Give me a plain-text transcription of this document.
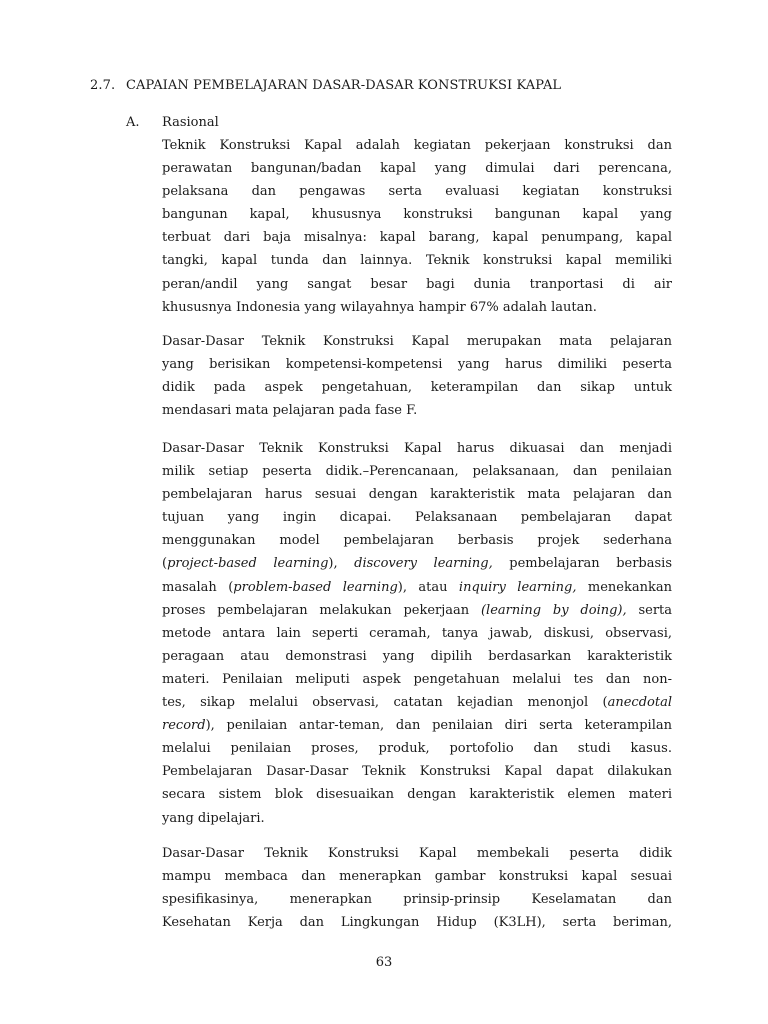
2.7. CAPAIAN PEMBELAJARAN DASAR-DASAR KONSTRUKSI KAPAL
A. Rasional
Teknik Konstruksi Kapal adalah kegiatan pekerjaan konstruksi dan
perawatan bangunan/badan kapal yang dimulai dari perencana,
pelaksana dan pengawas serta evaluasi kegiatan konstruksi
bangunan kapal, khususnya konstruksi bangunan kapal yang
terbuat dari baja misalnya: kapal barang, kapal penumpang, kapal
tangki, kapal tunda dan lainnya. Teknik konstruksi kapal memiliki
peran/andil yang sangat besar bagi dunia tranportasi di air
khususnya Indonesia yang wilayahnya hampir 67% adalah lautan.
Dasar-Dasar Teknik Konstruksi Kapal merupakan mata pelajaran
yang berisikan kompetensi-kompetensi yang harus dimiliki peserta
didik pada aspek pengetahuan, keterampilan dan sikap untuk
mendasari mata pelajaran pada fase F.
Dasar-Dasar Teknik Konstruksi Kapal harus dikuasai dan menjadi
milik setiap peserta didik.–Perencanaan, pelaksanaan, dan penilaian
pembelajaran harus sesuai dengan karakteristik mata pelajaran dan
tujuan yang ingin dicapai. Pelaksanaan pembelajaran dapat
menggunakan model pembelajaran berbasis projek sederhana
(project-based learning), discovery learning, pembelajaran berbasis
masalah (problem-based learning), atau inquiry learning, menekankan
proses pembelajaran melakukan pekerjaan (learning by doing), serta
metode antara lain seperti ceramah, tanya jawab, diskusi, observasi,
peragaan atau demonstrasi yang dipilih berdasarkan karakteristik
materi. Penilaian meliputi aspek pengetahuan melalui tes dan non-
tes, sikap melalui observasi, catatan kejadian menonjol (anecdotal
record), penilaian antar-teman, dan penilaian diri serta keterampilan
melalui penilaian proses, produk, portofolio dan studi kasus.
Pembelajaran Dasar-Dasar Teknik Konstruksi Kapal dapat dilakukan
secara sistem blok disesuaikan dengan karakteristik elemen materi
yang dipelajari.
Dasar-Dasar Teknik Konstruksi Kapal membekali peserta didik
mampu membaca dan menerapkan gambar konstruksi kapal sesuai
spesifikasinya, menerapkan prinsip-prinsip Keselamatan dan
Kesehatan Kerja dan Lingkungan Hidup (K3LH), serta beriman,
63
